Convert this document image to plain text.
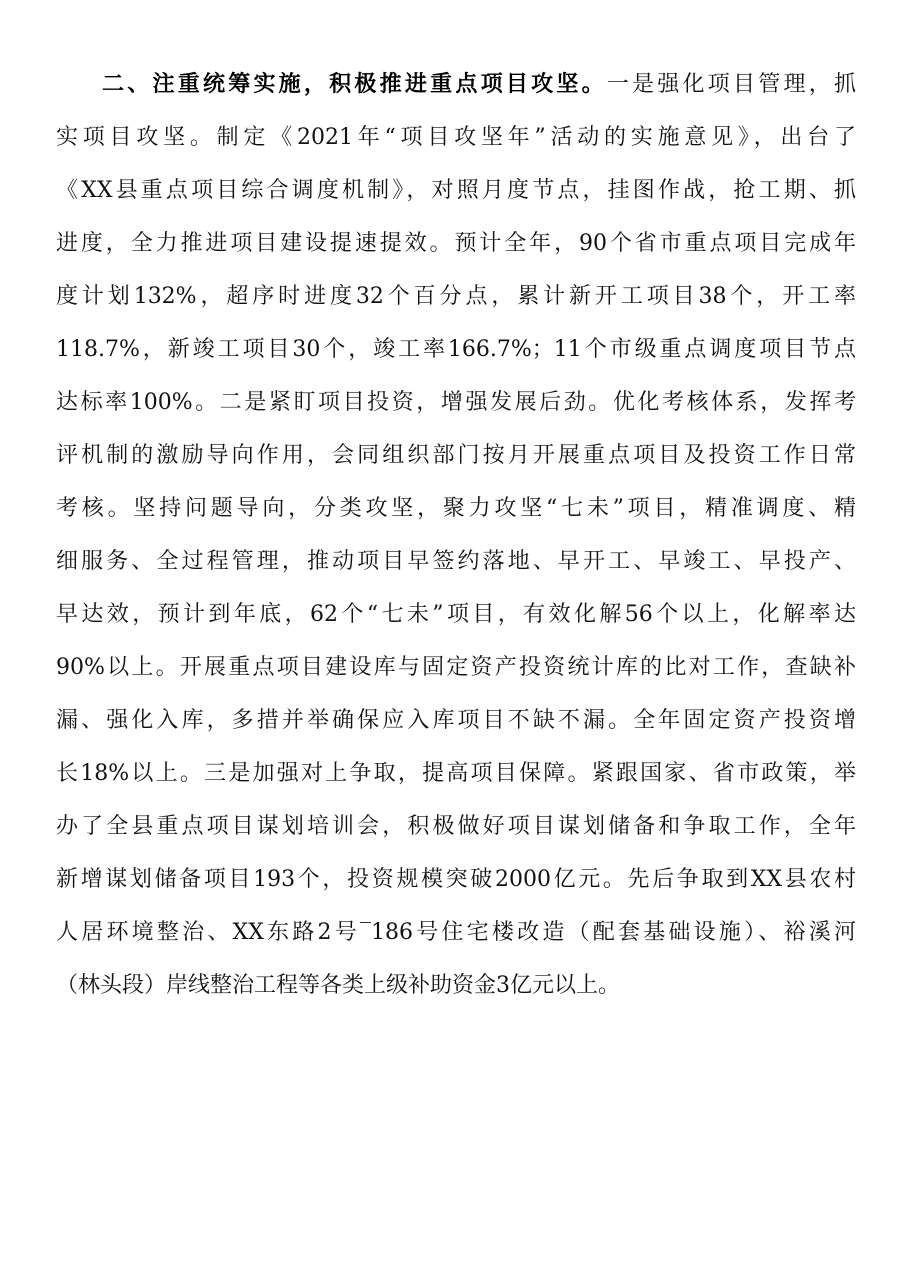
二、注重统筹实施，积极推进重点项目攻坚。一是强化项目管理，抓
实项目攻坚。制定《2021年“项目攻坚年”活动的实施意见》，出台了
《XX县重点项目综合调度机制》，对照月度节点，挂图作战，抢工期、抓
进度，全力推进项目建设提速提效。预计全年，90个省市重点项目完成年
度计划132%，超序时进度32个百分点，累计新开工项目38个，开工率
118.7%，新竣工项目30个，竣工率166.7%；11个市级重点调度项目节点
达标率100%。二是紧盯项目投资，增强发展后劲。优化考核体系，发挥考
评机制的激励导向作用，会同组织部门按月开展重点项目及投资工作日常
考核。坚持问题导向，分类攻坚，聚力攻坚“七未”项目，精准调度、精
细服务、全过程管理，推动项目早签约落地、早开工、早竣工、早投产、
早达效，预计到年底，62个“七未”项目，有效化解56个以上，化解率达
90%以上。开展重点项目建设库与固定资产投资统计库的比对工作，查缺补
漏、强化入库，多措并举确保应入库项目不缺不漏。全年固定资产投资增
长18%以上。三是加强对上争取，提高项目保障。紧跟国家、省市政策，举
办了全县重点项目谋划培训会，积极做好项目谋划储备和争取工作，全年
新增谋划储备项目193个，投资规模突破2000亿元。先后争取到XX县农村
人居环境整治、XX东路2号‾186号住宅楼改造（配套基础设施）、裕溪河
（林头段）岸线整治工程等各类上级补助资金3亿元以上。
